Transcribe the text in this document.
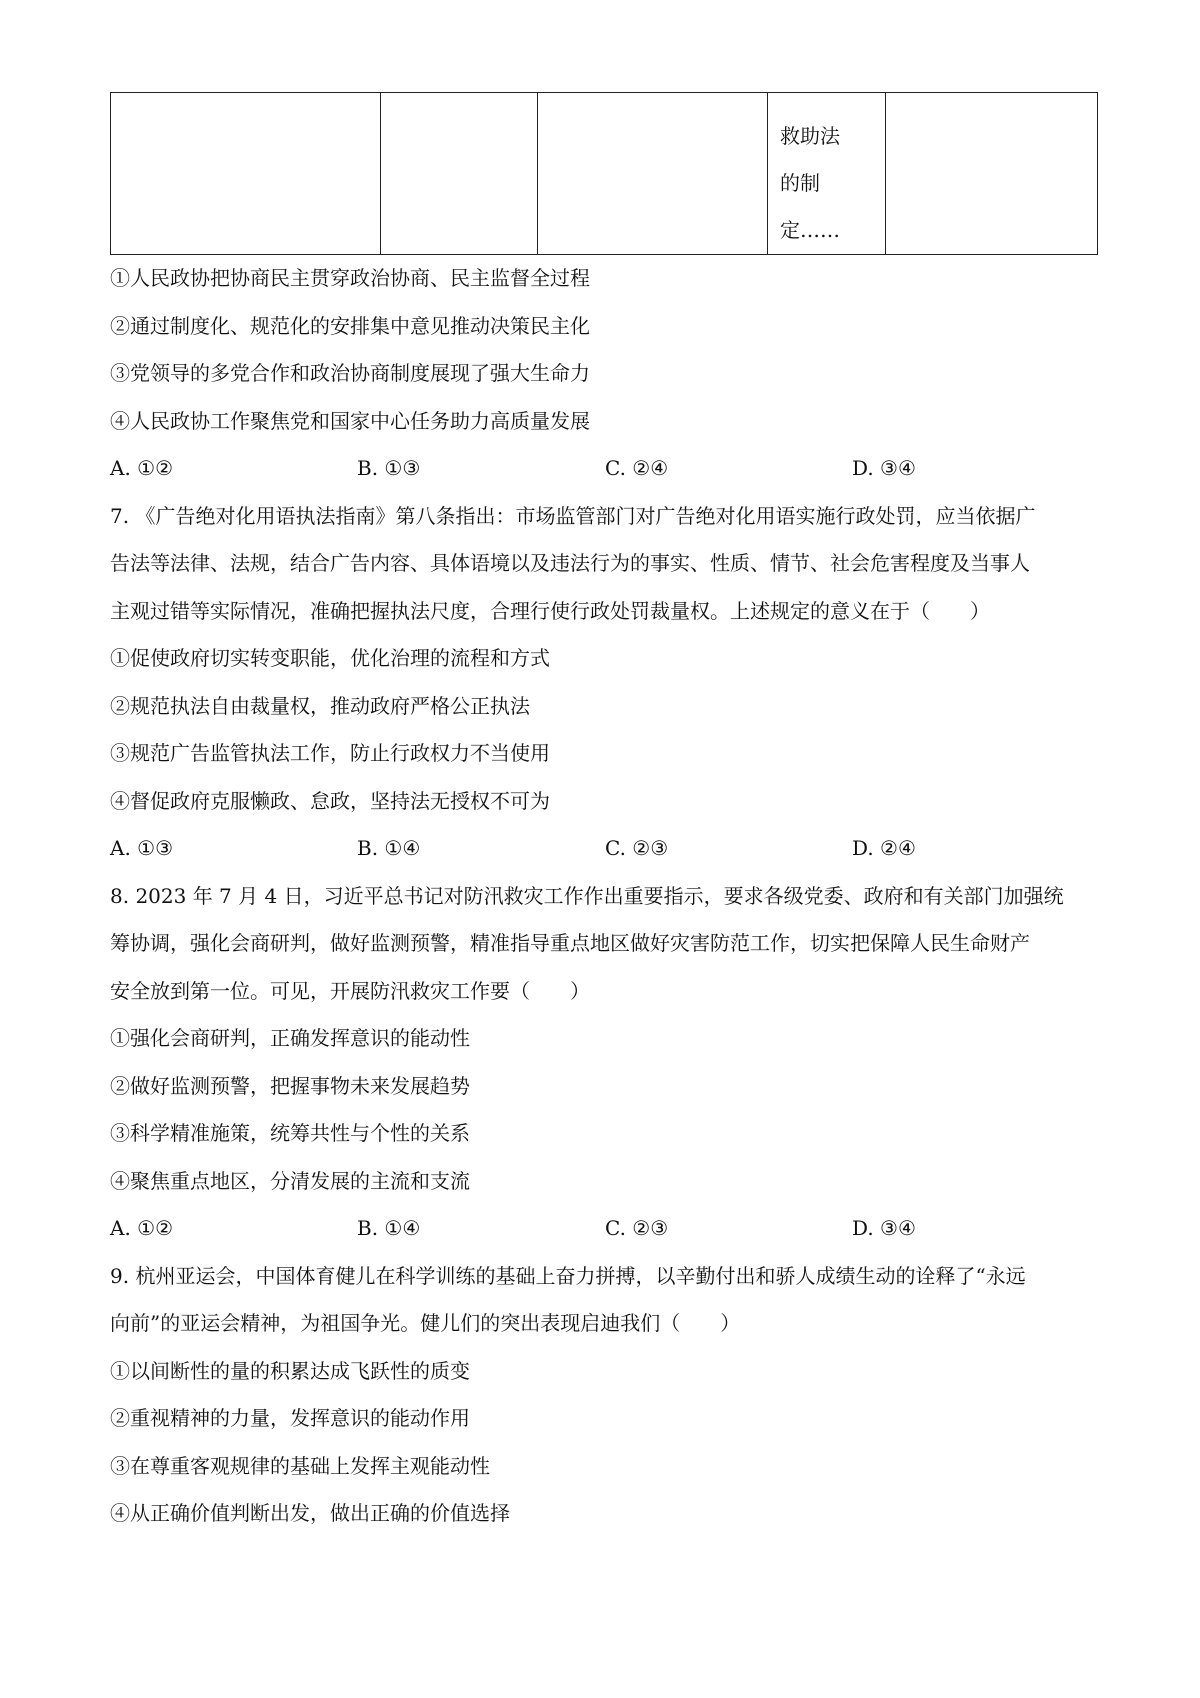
救助法
的制
定……

①人民政协把协商民主贯穿政治协商、民主监督全过程
②通过制度化、规范化的安排集中意见推动决策民主化
③党领导的多党合作和政治协商制度展现了强大生命力
④人民政协工作聚焦党和国家中心任务助力高质量发展
A. ①②	B. ①③	C. ②④	D. ③④
7. 《广告绝对化用语执法指南》第八条指出：市场监管部门对广告绝对化用语实施行政处罚，应当依据广
告法等法律、法规，结合广告内容、具体语境以及违法行为的事实、性质、情节、社会危害程度及当事人
主观过错等实际情况，准确把握执法尺度，合理行使行政处罚裁量权。上述规定的意义在于（　　）
①促使政府切实转变职能，优化治理的流程和方式
②规范执法自由裁量权，推动政府严格公正执法
③规范广告监管执法工作，防止行政权力不当使用
④督促政府克服懒政、怠政，坚持法无授权不可为
A. ①③	B. ①④	C. ②③	D. ②④
8. 2023 年 7 月 4 日，习近平总书记对防汛救灾工作作出重要指示，要求各级党委、政府和有关部门加强统
筹协调，强化会商研判，做好监测预警，精准指导重点地区做好灾害防范工作，切实把保障人民生命财产
安全放到第一位。可见，开展防汛救灾工作要（　　）
①强化会商研判，正确发挥意识的能动性
②做好监测预警，把握事物未来发展趋势
③科学精准施策，统筹共性与个性的关系
④聚焦重点地区，分清发展的主流和支流
A. ①②	B. ①④	C. ②③	D. ③④
9. 杭州亚运会，中国体育健儿在科学训练的基础上奋力拼搏，以辛勤付出和骄人成绩生动的诠释了“永远
向前”的亚运会精神，为祖国争光。健儿们的突出表现启迪我们（　　）
①以间断性的量的积累达成飞跃性的质变
②重视精神的力量，发挥意识的能动作用
③在尊重客观规律的基础上发挥主观能动性
④从正确价值判断出发，做出正确的价值选择
